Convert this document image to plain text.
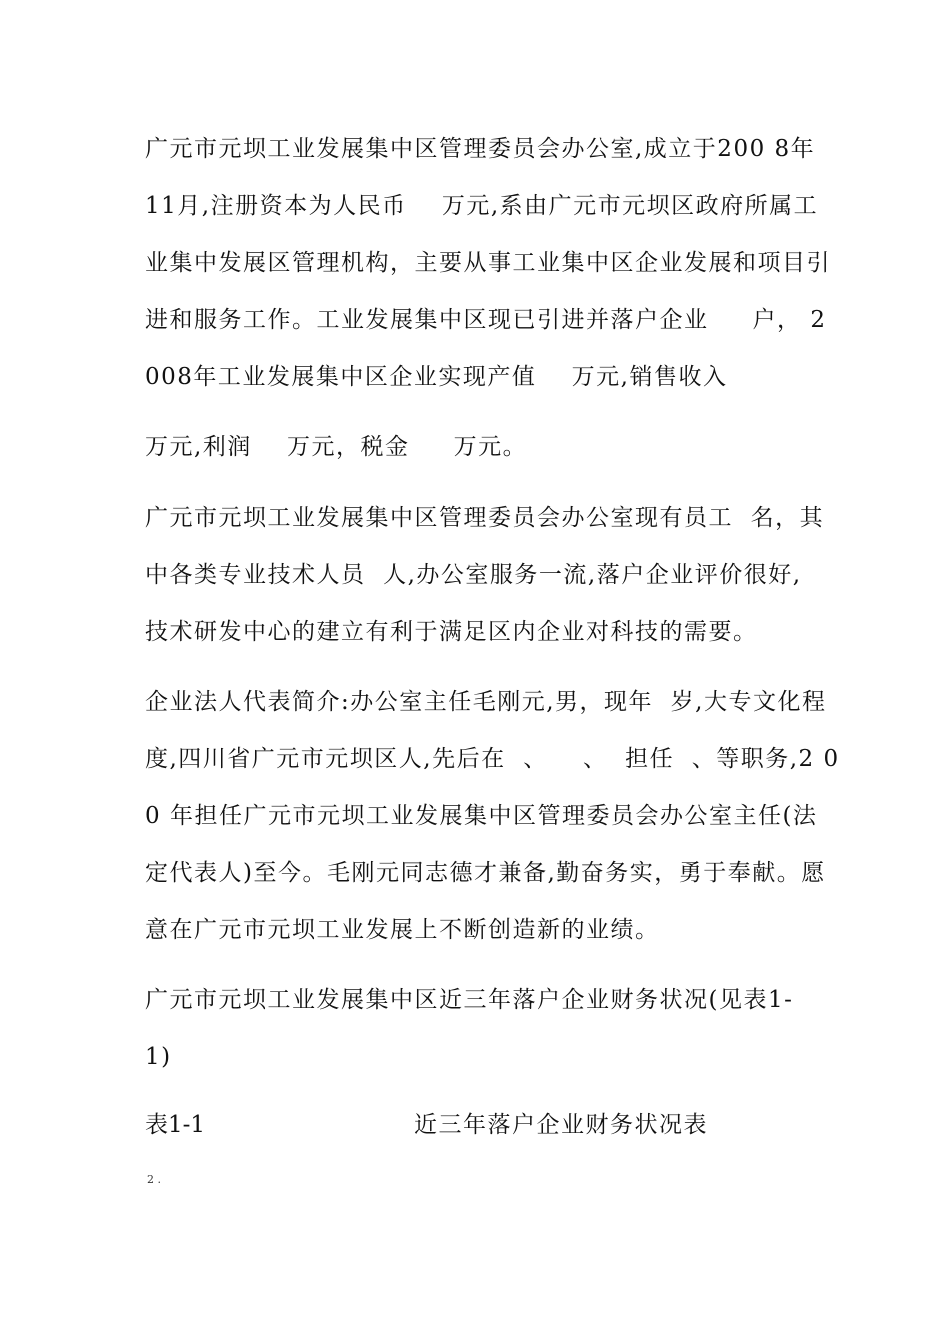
广元市元坝工业发展集中区管理委员会办公室,成立于200 8年
11月,注册资本为人民币    万元,系由广元市元坝区政府所属工
业集中发展区管理机构，主要从事工业集中区企业发展和项目引
进和服务工作。工业发展集中区现已引进并落户企业     户， 2
008年工业发展集中区企业实现产值    万元,销售收入
万元,利润    万元，税金     万元。
广元市元坝工业发展集中区管理委员会办公室现有员工  名，其
中各类专业技术人员  人,办公室服务一流,落户企业评价很好,
技术研发中心的建立有利于满足区内企业对科技的需要。
企业法人代表简介:办公室主任毛刚元,男，现年  岁,大专文化程
度,四川省广元市元坝区人,先后在  、    、  担任  、等职务,2 0
0 年担任广元市元坝工业发展集中区管理委员会办公室主任(法
定代表人)至今。毛刚元同志德才兼备,勤奋务实，勇于奉献。愿
意在广元市元坝工业发展上不断创造新的业绩。
广元市元坝工业发展集中区近三年落户企业财务状况(见表1-
1)
表1-1	近三年落户企业财务状况表
2 .
